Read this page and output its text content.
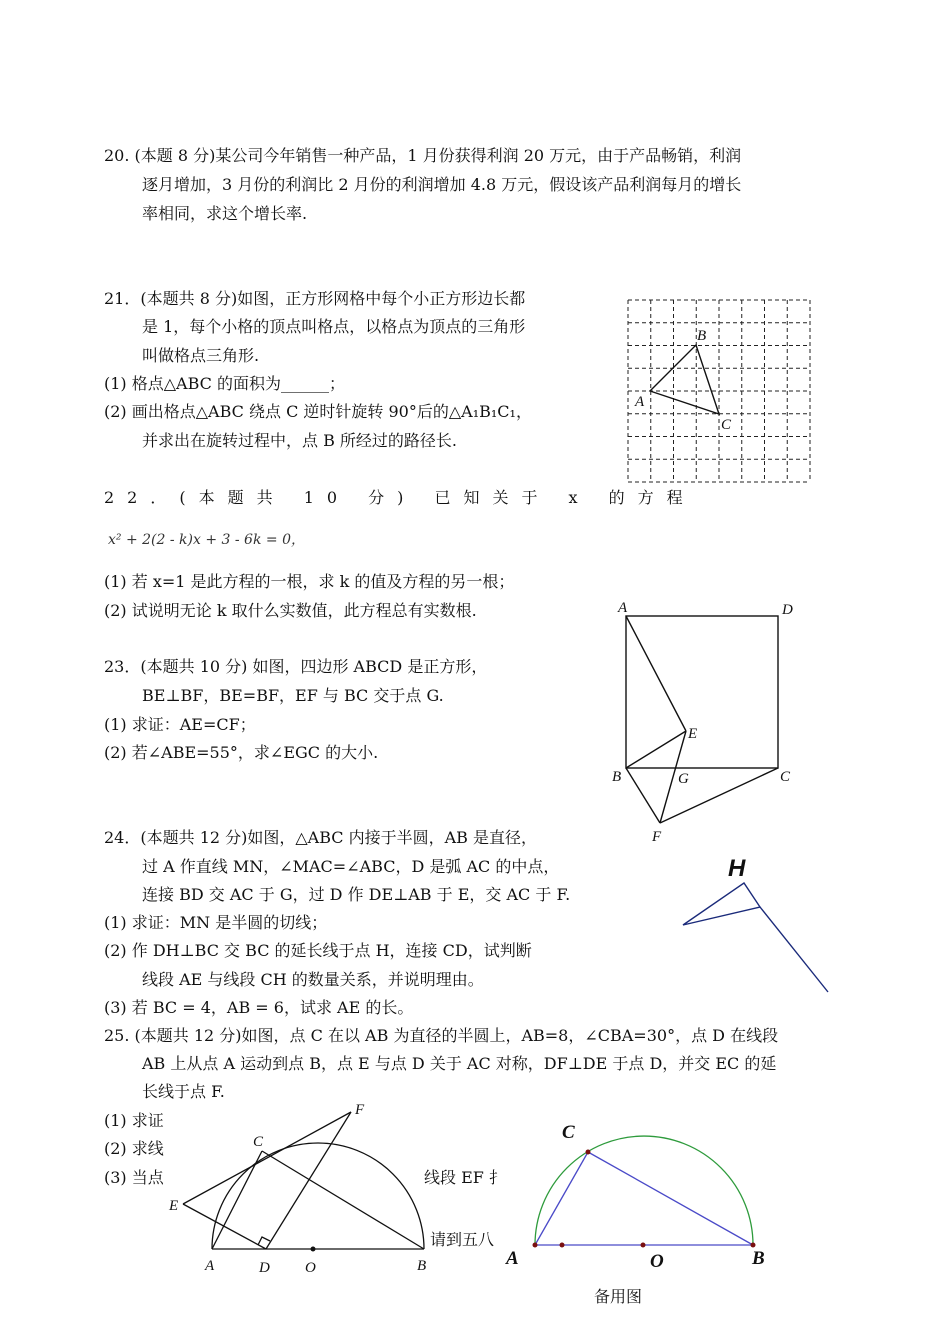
20. (本题 8 分)某公司今年销售一种产品，1 月份获得利润 20 万元，由于产品畅销，利润
逐月增加，3 月份的利润比 2 月份的利润增加 4.8 万元，假设该产品利润每月的增长
率相同，求这个增长率.
21．(本题共 8 分)如图，正方形网格中每个小正方形边长都
是 1，每个小格的顶点叫格点，以格点为顶点的三角形
叫做格点三角形.
(1) 格点△ABC 的面积为______；
(2) 画出格点△ABC 绕点 C 逆时针旋转 90°后的△A₁B₁C₁，
并求出在旋转过程中，点 B 所经过的路径长.
B
A
C
22．(本题共 10 分) 已知关于 x 的方程
x² + 2(2 - k)x + 3 - 6k = 0，
(1) 若 x=1 是此方程的一根，求 k 的值及方程的另一根；
(2) 试说明无论 k 取什么实数值，此方程总有实数根.
23．(本题共 10 分) 如图，四边形 ABCD 是正方形，
BE⊥BF，BE=BF，EF 与 BC 交于点 G.
(1) 求证：AE=CF；
(2) 若∠ABE=55°，求∠EGC 的大小.
A	D
E
B	G	C
F
24．(本题共 12 分)如图，△ABC 内接于半圆，AB 是直径，
过 A 作直线 MN，∠MAC=∠ABC，D 是弧 AC 的中点，
连接 BD 交 AC 于 G，过 D 作 DE⊥AB 于 E，交 AC 于 F.
(1) 求证：MN 是半圆的切线；
(2) 作 DH⊥BC 交 BC 的延长线于点 H，连接 CD，试判断
线段 AE 与线段 CH 的数量关系，并说明理由。
(3) 若 BC = 4，AB = 6，试求 AE 的长。
H
25. (本题共 12 分)如图，点 C 在以 AB 为直径的半圆上，AB=8，∠CBA=30°，点 D 在线段
AB 上从点 A 运动到点 B，点 E 与点 D 关于 AC 对称，DF⊥DE 于点 D，并交 EC 的延
长线于点 F.
(1) 求证
(2) 求线
(3) 当点	线段 EF 扌
请到五八
C
F
E
A	D O	B
C
A	O	B
备用图
